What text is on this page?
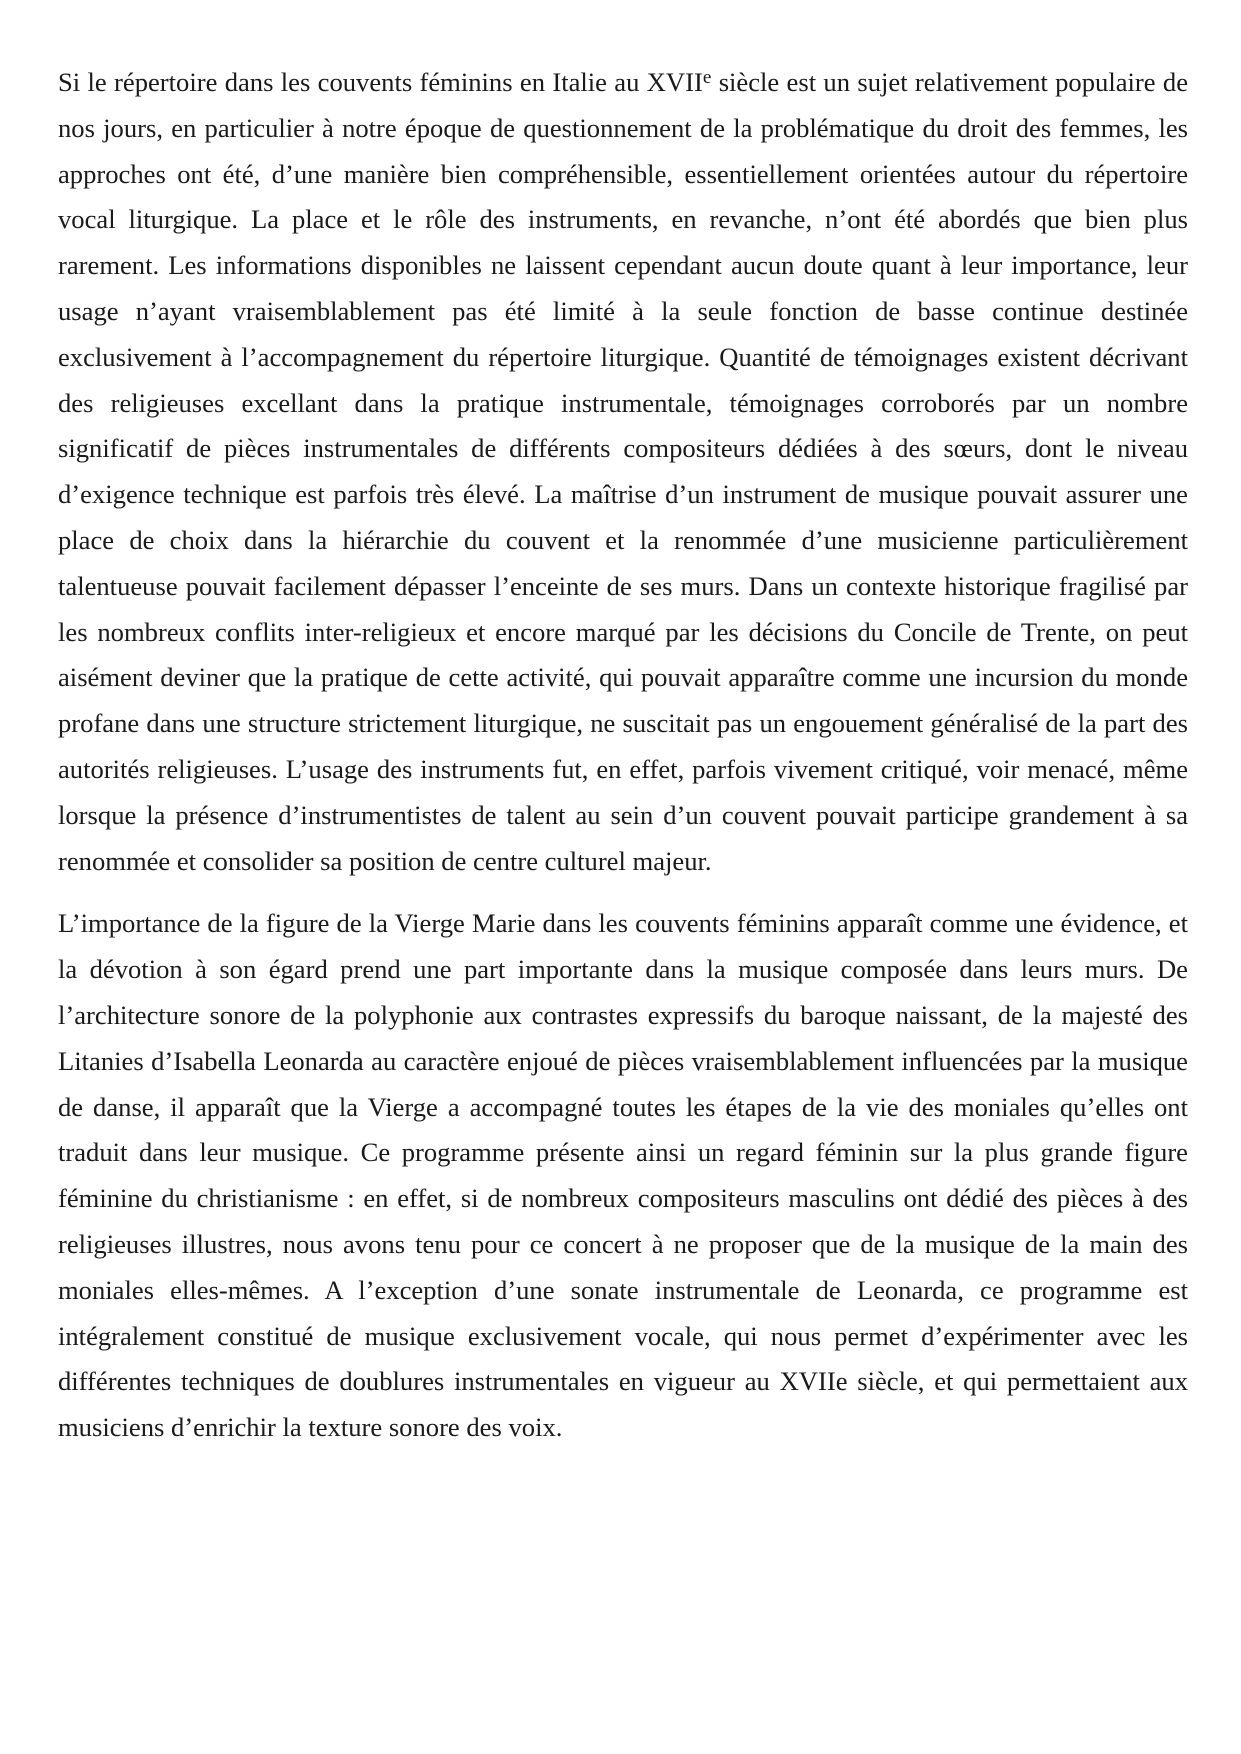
Si le répertoire dans les couvents féminins en Italie au XVIIe siècle est un sujet relativement populaire de nos jours, en particulier à notre époque de questionnement de la problématique du droit des femmes, les approches ont été, d’une manière bien compréhensible, essentiellement orientées autour du répertoire vocal liturgique. La place et le rôle des instruments, en revanche, n’ont été abordés que bien plus rarement. Les informations disponibles ne laissent cependant aucun doute quant à leur importance, leur usage n’ayant vraisemblablement pas été limité à la seule fonction de basse continue destinée exclusivement à l’accompagnement du répertoire liturgique. Quantité de témoignages existent décrivant des religieuses excellant dans la pratique instrumentale, témoignages corroborés par un nombre significatif de pièces instrumentales de différents compositeurs dédiées à des sœurs, dont le niveau d’exigence technique est parfois très élevé. La maîtrise d’un instrument de musique pouvait assurer une place de choix dans la hiérarchie du couvent et la renommée d’une musicienne particulièrement talentueuse pouvait facilement dépasser l’enceinte de ses murs. Dans un contexte historique fragilisé par les nombreux conflits inter-religieux et encore marqué par les décisions du Concile de Trente, on peut aisément deviner que la pratique de cette activité, qui pouvait apparaître comme une incursion du monde profane dans une structure strictement liturgique, ne suscitait pas un engouement généralisé de la part des autorités religieuses. L’usage des instruments fut, en effet, parfois vivement critiqué, voir menacé, même lorsque la présence d’instrumentistes de talent au sein d’un couvent pouvait participe grandement à sa renommée et consolider sa position de centre culturel majeur.

L’importance de la figure de la Vierge Marie dans les couvents féminins apparaît comme une évidence, et la dévotion à son égard prend une part importante dans la musique composée dans leurs murs. De l’architecture sonore de la polyphonie aux contrastes expressifs du baroque naissant, de la majesté des Litanies d’Isabella Leonarda au caractère enjoué de pièces vraisemblablement influencées par la musique de danse, il apparaît que la Vierge a accompagné toutes les étapes de la vie des moniales qu’elles ont traduit dans leur musique. Ce programme présente ainsi un regard féminin sur la plus grande figure féminine du christianisme : en effet, si de nombreux compositeurs masculins ont dédié des pièces à des religieuses illustres, nous avons tenu pour ce concert à ne proposer que de la musique de la main des moniales elles-mêmes. A l’exception d’une sonate instrumentale de Leonarda, ce programme est intégralement constitué de musique exclusivement vocale, qui nous permet d’expérimenter avec les différentes techniques de doublures instrumentales en vigueur au XVIIe siècle, et qui permettaient aux musiciens d’enrichir la texture sonore des voix.
